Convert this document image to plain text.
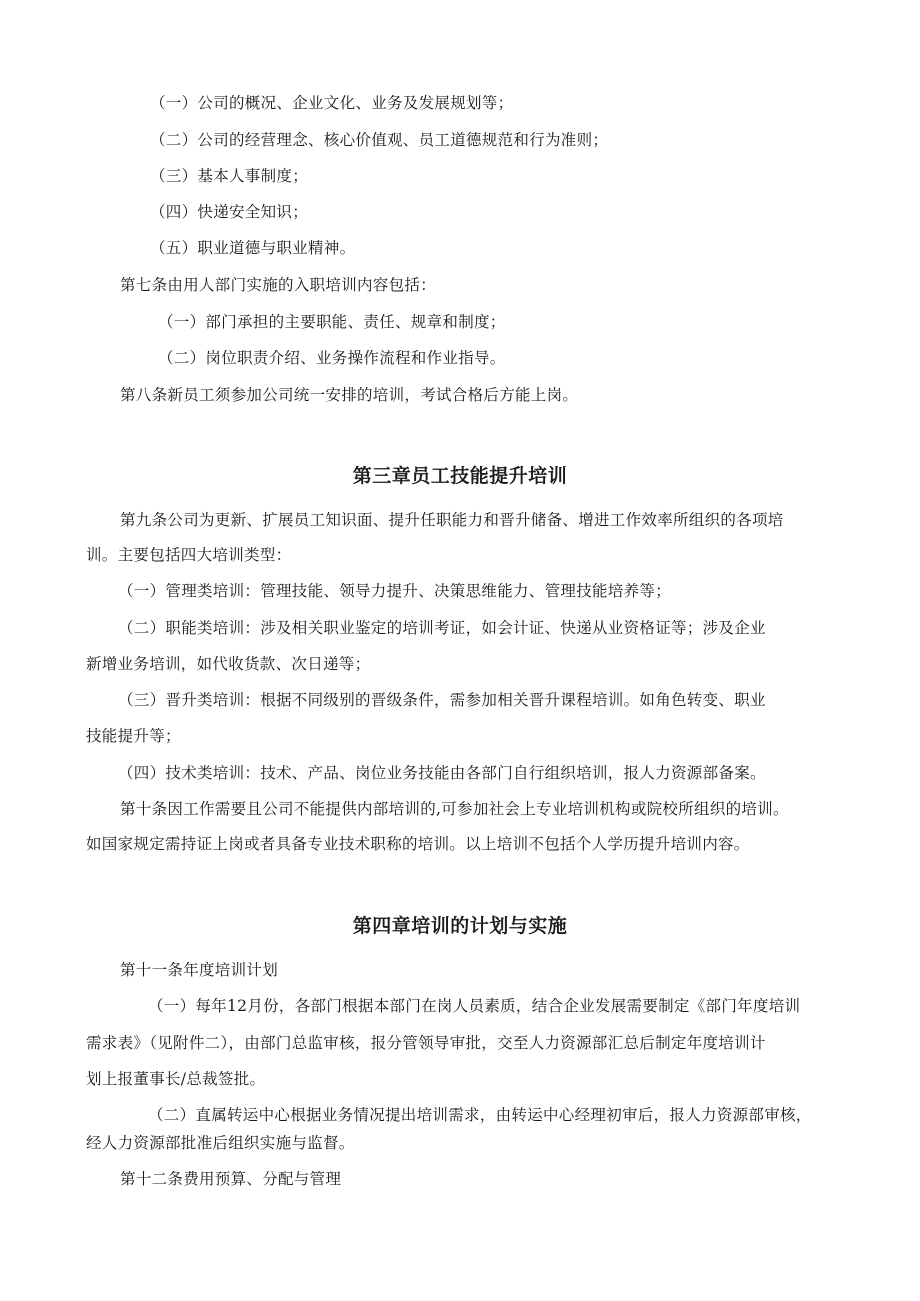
（一）公司的概况、企业文化、业务及发展规划等；
（二）公司的经营理念、核心价值观、员工道德规范和行为准则；
（三）基本人事制度；
（四）快递安全知识；
（五）职业道德与职业精神。
第七条由用人部门实施的入职培训内容包括：
（一）部门承担的主要职能、责任、规章和制度；
（二）岗位职责介绍、业务操作流程和作业指导。
第八条新员工须参加公司统一安排的培训，考试合格后方能上岗。
第三章员工技能提升培训
第九条公司为更新、扩展员工知识面、提升任职能力和晋升储备、增进工作效率所组织的各项培
训。主要包括四大培训类型：
（一）管理类培训：管理技能、领导力提升、决策思维能力、管理技能培养等；
（二）职能类培训：涉及相关职业鉴定的培训考证，如会计证、快递从业资格证等；涉及企业
新增业务培训，如代收货款、次日递等；
（三）晋升类培训：根据不同级别的晋级条件，需参加相关晋升课程培训。如角色转变、职业
技能提升等；
（四）技术类培训：技术、产品、岗位业务技能由各部门自行组织培训，报人力资源部备案。
第十条因工作需要且公司不能提供内部培训的,可参加社会上专业培训机构或院校所组织的培训。
如国家规定需持证上岗或者具备专业技术职称的培训。以上培训不包括个人学历提升培训内容。
第四章培训的计划与实施
第十一条年度培训计划
（一）每年12月份，各部门根据本部门在岗人员素质，结合企业发展需要制定《部门年度培训
需求表》（见附件二），由部门总监审核，报分管领导审批，交至人力资源部汇总后制定年度培训计
划上报董事长/总裁签批。
（二）直属转运中心根据业务情况提出培训需求，由转运中心经理初审后，报人力资源部审核，
经人力资源部批准后组织实施与监督。
第十二条费用预算、分配与管理
